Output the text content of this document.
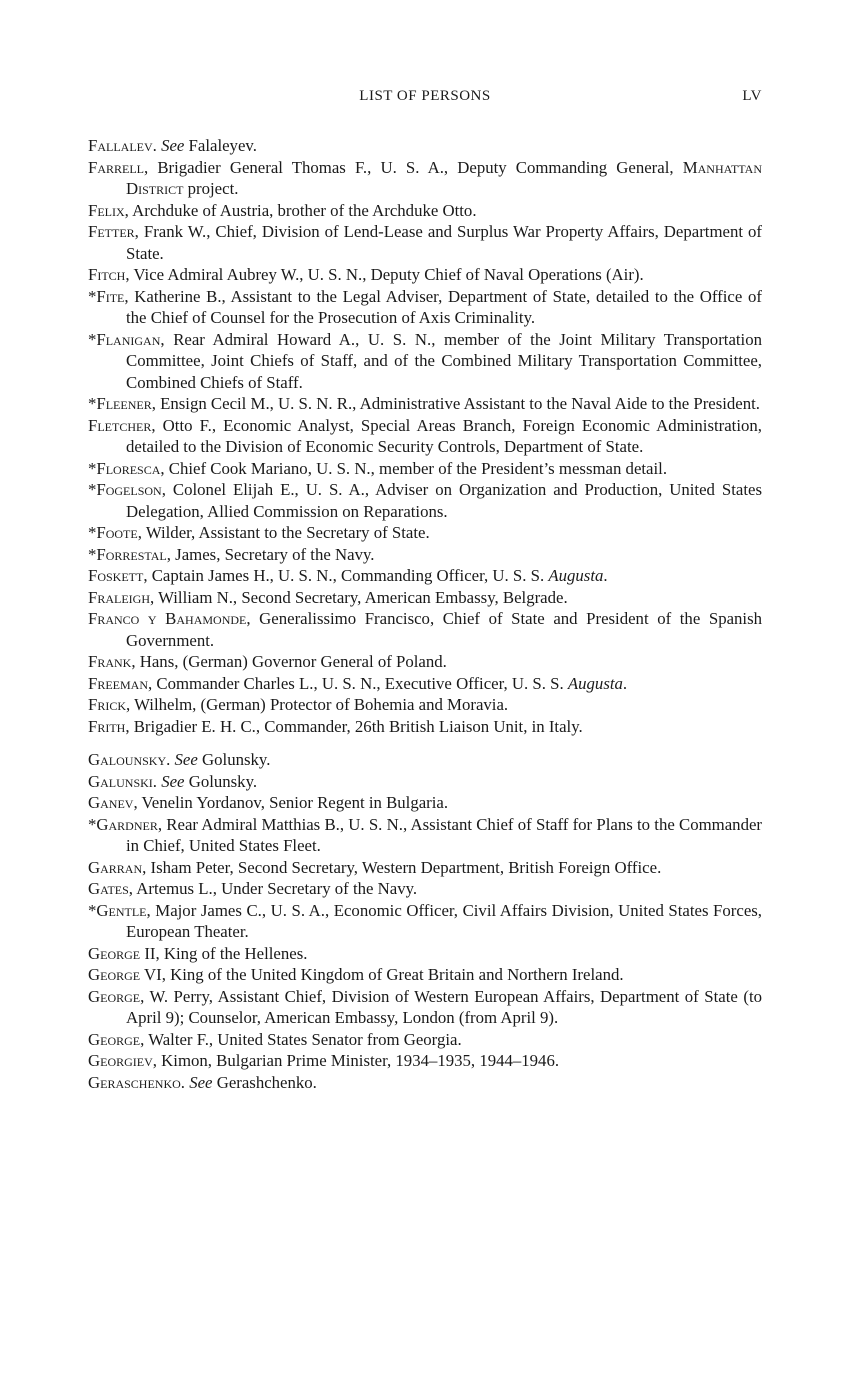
LIST OF PERSONS	LV

Fallalev. See Falaleyev.

Farrell, Brigadier General Thomas F., U. S. A., Deputy Commanding General, Manhattan District project.

Felix, Archduke of Austria, brother of the Archduke Otto.

Fetter, Frank W., Chief, Division of Lend-Lease and Surplus War Property Affairs, Department of State.

Fitch, Vice Admiral Aubrey W., U. S. N., Deputy Chief of Naval Operations (Air).

*Fite, Katherine B., Assistant to the Legal Adviser, Department of State, detailed to the Office of the Chief of Counsel for the Prosecution of Axis Criminality.

*Flanigan, Rear Admiral Howard A., U. S. N., member of the Joint Military Transportation Committee, Joint Chiefs of Staff, and of the Combined Military Transportation Committee, Combined Chiefs of Staff.

*Fleener, Ensign Cecil M., U. S. N. R., Administrative Assistant to the Naval Aide to the President.

Fletcher, Otto F., Economic Analyst, Special Areas Branch, Foreign Economic Administration, detailed to the Division of Economic Security Controls, Department of State.

*Floresca, Chief Cook Mariano, U. S. N., member of the President’s messman detail.

*Fogelson, Colonel Elijah E., U. S. A., Adviser on Organization and Production, United States Delegation, Allied Commission on Reparations.

*Foote, Wilder, Assistant to the Secretary of State.

*Forrestal, James, Secretary of the Navy.

Foskett, Captain James H., U. S. N., Commanding Officer, U. S. S. Augusta.

Fraleigh, William N., Second Secretary, American Embassy, Belgrade.

Franco y Bahamonde, Generalissimo Francisco, Chief of State and President of the Spanish Government.

Frank, Hans, (German) Governor General of Poland.

Freeman, Commander Charles L., U. S. N., Executive Officer, U. S. S. Augusta.

Frick, Wilhelm, (German) Protector of Bohemia and Moravia.

Frith, Brigadier E. H. C., Commander, 26th British Liaison Unit, in Italy.

Galounsky. See Golunsky.

Galunski. See Golunsky.

Ganev, Venelin Yordanov, Senior Regent in Bulgaria.

*Gardner, Rear Admiral Matthias B., U. S. N., Assistant Chief of Staff for Plans to the Commander in Chief, United States Fleet.

Garran, Isham Peter, Second Secretary, Western Department, British Foreign Office.

Gates, Artemus L., Under Secretary of the Navy.

*Gentle, Major James C., U. S. A., Economic Officer, Civil Affairs Division, United States Forces, European Theater.

George II, King of the Hellenes.

George VI, King of the United Kingdom of Great Britain and Northern Ireland.

George, W. Perry, Assistant Chief, Division of Western European Affairs, Department of State (to April 9); Counselor, American Embassy, London (from April 9).

George, Walter F., United States Senator from Georgia.

Georgiev, Kimon, Bulgarian Prime Minister, 1934–1935, 1944–1946.

Geraschenko. See Gerashchenko.
